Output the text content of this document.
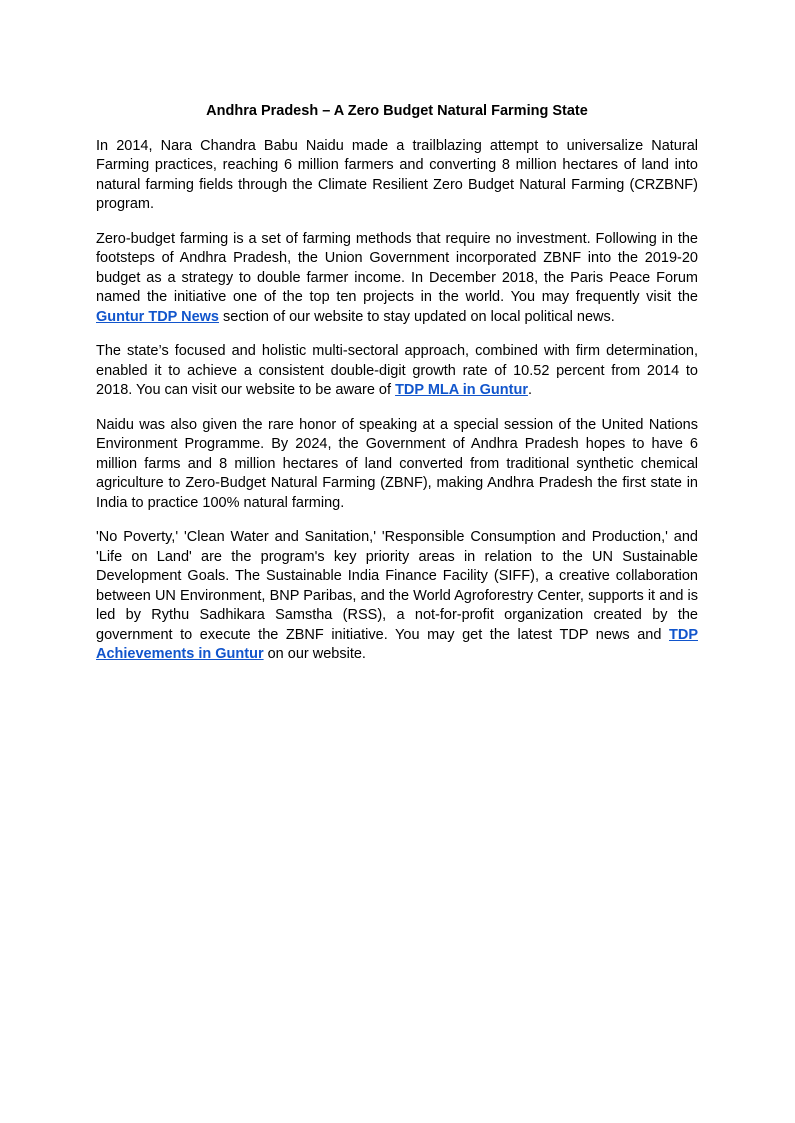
Andhra Pradesh – A Zero Budget Natural Farming State

In 2014, Nara Chandra Babu Naidu made a trailblazing attempt to universalize Natural Farming practices, reaching 6 million farmers and converting 8 million hectares of land into natural farming fields through the Climate Resilient Zero Budget Natural Farming (CRZBNF) program.

Zero-budget farming is a set of farming methods that require no investment. Following in the footsteps of Andhra Pradesh, the Union Government incorporated ZBNF into the 2019-20 budget as a strategy to double farmer income. In December 2018, the Paris Peace Forum named the initiative one of the top ten projects in the world. You may frequently visit the Guntur TDP News section of our website to stay updated on local political news.

The state’s focused and holistic multi-sectoral approach, combined with firm determination, enabled it to achieve a consistent double-digit growth rate of 10.52 percent from 2014 to 2018. You can visit our website to be aware of TDP MLA in Guntur.

Naidu was also given the rare honor of speaking at a special session of the United Nations Environment Programme. By 2024, the Government of Andhra Pradesh hopes to have 6 million farms and 8 million hectares of land converted from traditional synthetic chemical agriculture to Zero-Budget Natural Farming (ZBNF), making Andhra Pradesh the first state in India to practice 100% natural farming.

'No Poverty,' 'Clean Water and Sanitation,' 'Responsible Consumption and Production,' and 'Life on Land' are the program's key priority areas in relation to the UN Sustainable Development Goals. The Sustainable India Finance Facility (SIFF), a creative collaboration between UN Environment, BNP Paribas, and the World Agroforestry Center, supports it and is led by Rythu Sadhikara Samstha (RSS), a not-for-profit organization created by the government to execute the ZBNF initiative. You may get the latest TDP news and TDP Achievements in Guntur on our website.
